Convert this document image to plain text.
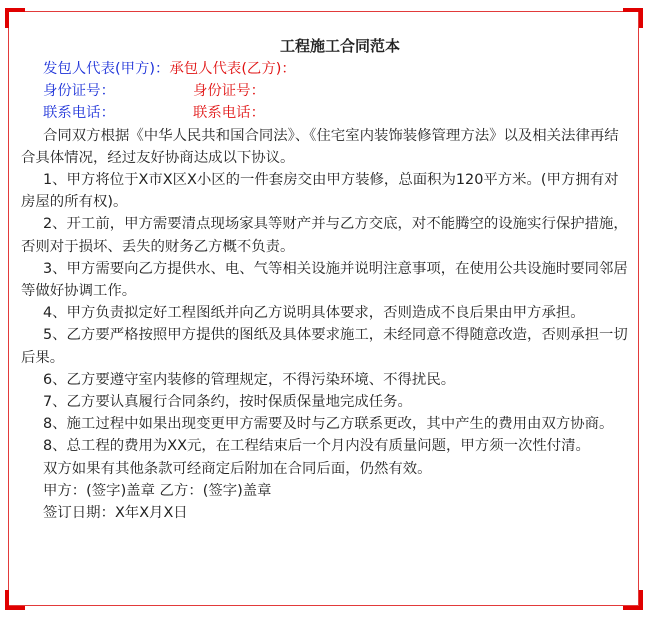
工程施工合同范本
发包人代表(甲方)： 承包人代表(乙方)：
身份证号：	身份证号：
联系电话：	联系电话：

合同双方根据《中华人民共和国合同法》、《住宅室内装饰装修管理方法》以及相关法律再结合具体情况，经过友好协商达成以下协议。

1、甲方将位于X市X区X小区的一件套房交由甲方装修，总面积为120平方米。(甲方拥有对房屋的所有权)。

2、开工前，甲方需要清点现场家具等财产并与乙方交底，对不能腾空的设施实行保护措施，否则对于损坏、丢失的财务乙方概不负责。

3、甲方需要向乙方提供水、电、气等相关设施并说明注意事项，在使用公共设施时要同邻居等做好协调工作。

4、甲方负责拟定好工程图纸并向乙方说明具体要求，否则造成不良后果由甲方承担。

5、乙方要严格按照甲方提供的图纸及具体要求施工，未经同意不得随意改造，否则承担一切后果。

6、乙方要遵守室内装修的管理规定，不得污染环境、不得扰民。

7、乙方要认真履行合同条约，按时保质保量地完成任务。

8、施工过程中如果出现变更甲方需要及时与乙方联系更改，其中产生的费用由双方协商。

8、总工程的费用为XX元，在工程结束后一个月内没有质量问题，甲方须一次性付清。

双方如果有其他条款可经商定后附加在合同后面，仍然有效。

甲方：(签字)盖章 乙方：(签字)盖章

签订日期：X年X月X日
